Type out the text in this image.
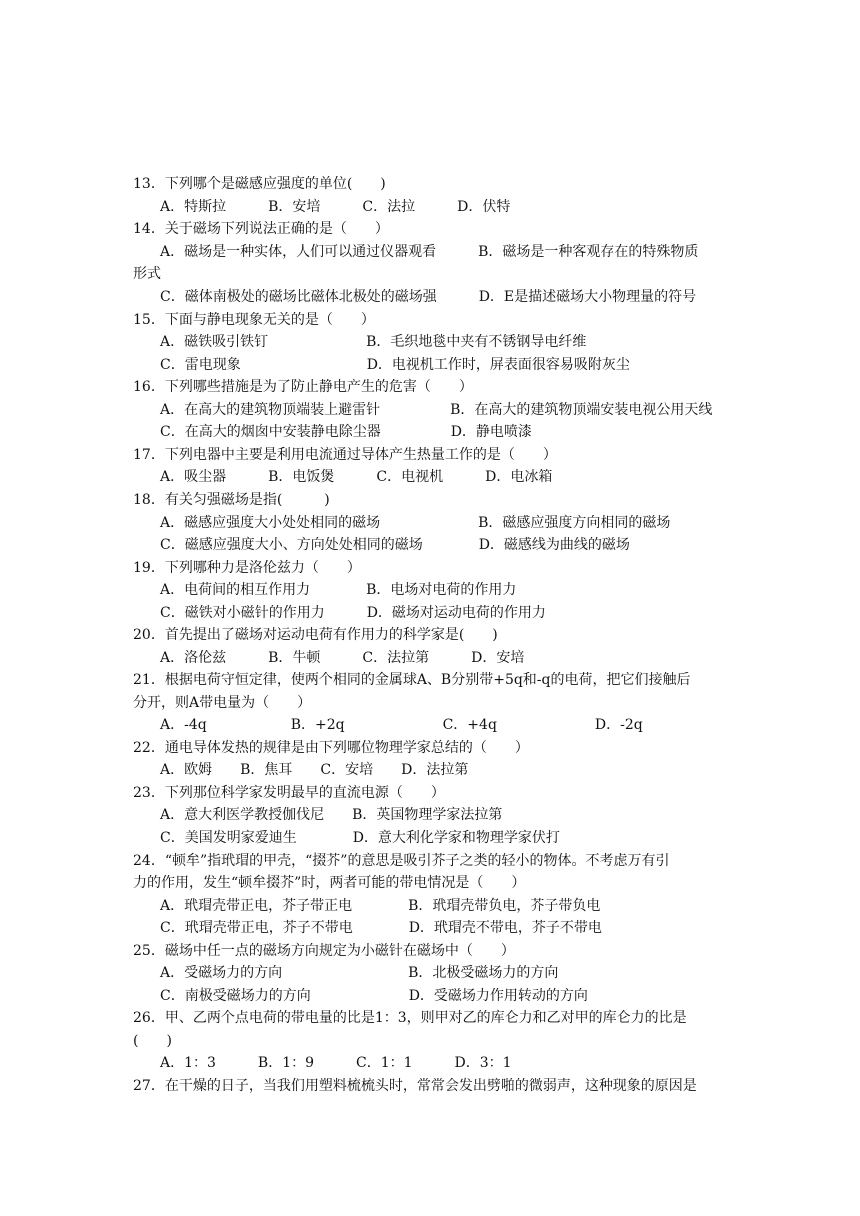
13．下列哪个是磁感应强度的单位(　　)
A．特斯拉　　　B．安培　　　C．法拉　　　D．伏特
14．关于磁场下列说法正确的是（　　）
A．磁场是一种实体，人们可以通过仪器观看　　　B．磁场是一种客观存在的特殊物质
形式
C．磁体南极处的磁场比磁体北极处的磁场强　　　D．E是描述磁场大小物理量的符号
15．下面与静电现象无关的是（　　）
A．磁铁吸引铁钉　　　　　　　B．毛织地毯中夹有不锈钢导电纤维
C．雷电现象　　　　　　　　　D．电视机工作时，屏表面很容易吸附灰尘
16．下列哪些措施是为了防止静电产生的危害（　　）
A．在高大的建筑物顶端装上避雷针　　　　　B．在高大的建筑物顶端安装电视公用天线
C．在高大的烟囱中安装静电除尘器　　　　　D．静电喷漆
17．下列电器中主要是利用电流通过导体产生热量工作的是（　　）
A．吸尘器　　　B．电饭煲　　　C．电视机　　　D．电冰箱
18．有关匀强磁场是指(　　　)
A．磁感应强度大小处处相同的磁场　　　　　　　B．磁感应强度方向相同的磁场
C．磁感应强度大小、方向处处相同的磁场　　　　D．磁感线为曲线的磁场
19．下列哪种力是洛伦兹力（　　）
A．电荷间的相互作用力　　　　B．电场对电荷的作用力
C．磁铁对小磁针的作用力　　　D．磁场对运动电荷的作用力
20．首先提出了磁场对运动电荷有作用力的科学家是(　　)
A．洛伦兹　　　B．牛顿　　　C．法拉第　　　D．安培
21．根据电荷守恒定律，使两个相同的金属球A、B分别带+5q和-q的电荷，把它们接触后
分开，则A带电量为（　　）
A．-4q　　　　　　B．+2q　　　　　　　C．+4q　　　　　　　D．-2q
22．通电导体发热的规律是由下列哪位物理学家总结的（　　）
A．欧姆　　B．焦耳　　C．安培　　D．法拉第
23．下列那位科学家发明最早的直流电源（　　）
A．意大利医学教授伽伐尼　　B．英国物理学家法拉第
C．美国发明家爱迪生　　　　D．意大利化学家和物理学家伏打
24．“顿牟”指玳瑁的甲壳，“掇芥”的意思是吸引芥子之类的轻小的物体。不考虑万有引
力的作用，发生“顿牟掇芥”时，两者可能的带电情况是（　　）
A．玳瑁壳带正电，芥子带正电　　　　B．玳瑁壳带负电，芥子带负电
C．玳瑁壳带正电，芥子不带电　　　　D．玳瑁壳不带电，芥子不带电
25．磁场中任一点的磁场方向规定为小磁针在磁场中（　　）
A．受磁场力的方向　　　　　　　　　B．北极受磁场力的方向
C．南极受磁场力的方向　　　　　　　D．受磁场力作用转动的方向
26．甲、乙两个点电荷的带电量的比是1：3，则甲对乙的库仑力和乙对甲的库仑力的比是
(　　)
A．1：3　　　B．1：9　　　C．1：1　　　D．3：1
27．在干燥的日子，当我们用塑料梳梳头时，常常会发出劈啪的微弱声，这种现象的原因是
